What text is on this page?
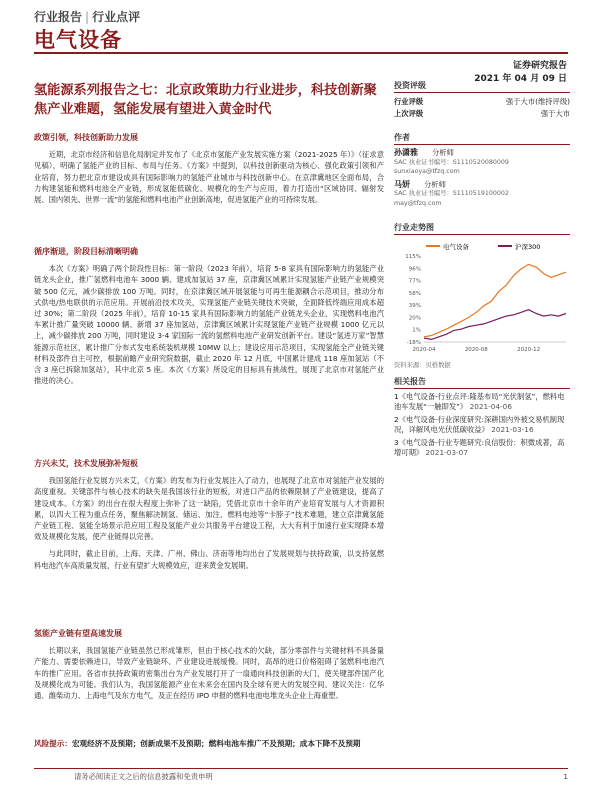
行业报告 | 行业点评
电气设备
证券研究报告
2021 年 04 月 09 日
氢能源系列报告之七：北京政策助力行业进步，科技创新聚焦产业难题，氢能发展有望进入黄金时代
政策引领，科技创新助力发展

近期，北京市经济和信息化局制定并发布了《北京市氢能产业发展实施方案（2021-2025 年）》（征求意见稿），明确了氢能产业的目标、布局与任务。《方案》中提到，以科技创新驱动为核心、强化政策引领和产业培育，努力把北京市建设成具有国际影响力的氢能产业城市与科技创新中心。在京津冀地区全面布局，合力构建氢能和燃料电池全产业链，形成氢能低碳化、规模化的生产与应用，着力打造出“区域协同、辐射发展、国内领先、世界一流”的氢能和燃料电池产业创新高地，促进氢能产业的可持续发展。

循序渐进，阶段目标清晰明确

本次《方案》明确了两个阶段性目标：第一阶段（2023 年前），培育 5-8 家具有国际影响力的氢能产业链龙头企业，推广氢燃料电池车 3000 辆、建成加氢站 37 座，京津冀区域累计实现氢能产业链产业规模突破 500 亿元，减少碳排放 100 万吨。同时，在京津冀区域开展氢能与可再生能源耦合示范项目，推动分布式供电/热电联供的示范应用。开展前沿技术攻关，实现氢能产业链关键技术突破，全面降低终端应用成本超过 30%；第二阶段（2025 年前），培育 10-15 家具有国际影响力的氢能产业链龙头企业，实现燃料电池汽车累计推广量突破 10000 辆、新增 37 座加氢站，京津冀区域累计实现氢能产业链产业规模 1000 亿元以上，减少碳排放 200 万吨，同时建设 3-4 家国际一流的氢燃料电池产业研发创新平台。建设“氢进万家”智慧能源示范社区，累计推广分布式发电系统装机规模 10MW 以上；建设应用示范项目，实现氢能全产业链关键材料及部件自主可控，根据前瞻产业研究院数据，截止 2020 年 12 月底，中国累计建成 118 座加氢站（不含 3 座已拆除加氢站），其中北京 5 座。本次《方案》所设定的目标具有挑战性，展现了北京市对氢能产业推进的决心。

方兴未艾，技术发展弥补短板

我国氢能行业发展方兴未艾，《方案》的发布为行业发展注入了动力，也展现了北京市对氢能产业发展的高度重视。关键部件与核心技术的缺失是我国该行业的短板，对进口产品的依赖限制了产业链建设，提高了建设成本。《方案》的出台在很大程度上弥补了这一缺陷，凭借北京市十余年的产业培育发展与人才资源积累，以四大工程为重点任务，聚焦解决制氢、储运、加注、燃料电池等“卡脖子”技术难题，建立京津冀氢能产业链工程、氢能全场景示范应用工程及氢能产业公共服务平台建设工程，大大有利于加速行业实现降本增效及规模化发展，使产业链得以完善。

与此同时，截止目前，上海、天津、广州、佛山、济南等地均出台了发展规划与扶持政策，以支持氢燃料电池汽车高质量发展，行业有望扩大规模效应，迎来黄金发展期。

氢能产业链有望高速发展

长期以来，我国氢能产业链虽然已形成雏形，但由于核心技术的欠缺，部分零部件与关键材料不具备量产能力、需要依赖进口，导致产业链缺环、产业建设进展缓慢。同时，高昂的进口价格阻碍了氢燃料电池汽车的推广应用。各省市扶持政策的密集出台为产业发展打开了一扇通向科技创新的大门，使关键部件国产化及规模化成为可能。我们认为，我国氢能源产业在未来会在国内及全球有更大的发展空间。建议关注：亿华通、潍柴动力、上海电气及东方电气，及正在经历 IPO 申报的燃料电池电堆龙头企业上海重塑。

风险提示：宏观经济不及预期；创新成果不及预期；燃料电池车推广不及预期；成本下降不及预期
投资评级
行业评级	强于大市(维持评级)
上次评级	强于大市
作者
孙潇雅 分析师
SAC 执业证书编号：S1110520080009
sunxiaoya@tfzq.com
马妍 分析师
SAC 执业证书编号：S1110519100002
may@tfzq.com
行业走势图
电气设备	沪深300
115%
96%
77%
58%
39%
20%
1%
-18%
2020-04	2020-08	2020-12
资料来源：贝格数据
相关报告
1《电气设备-行业点评:隆基布局“光伏制氢”，燃料电池车发展“一触即发”》 2021-04-06
2《电气设备-行业深度研究:深耕国内外被交易机制现况，详解风电光伏低碳收益》 2021-03-16
3《电气设备-行业专题研究:良信股份：积微成著，高增可期》 2021-03-07
请务必阅读正文之后的信息披露和免责申明	1
